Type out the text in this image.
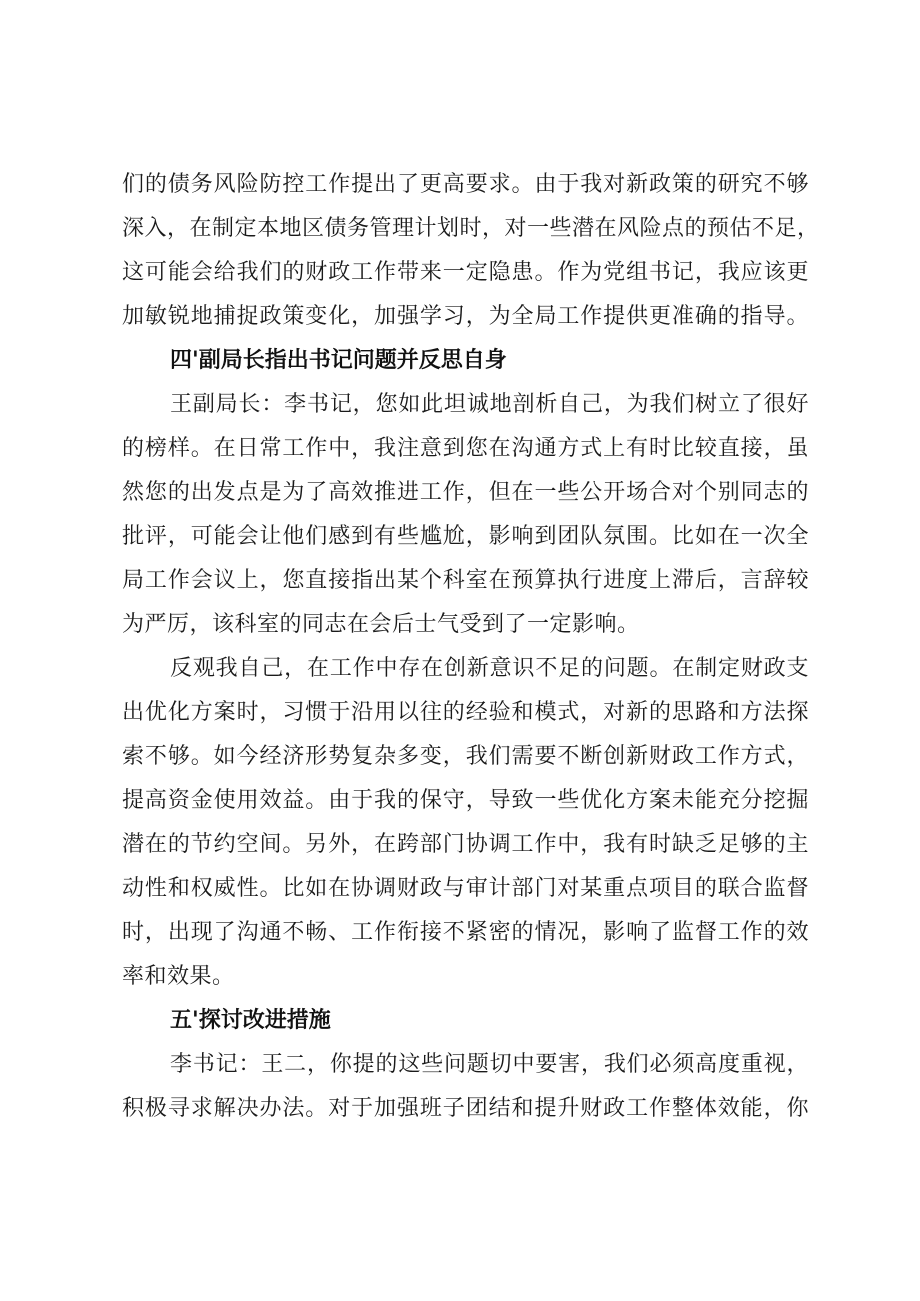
们的债务风险防控工作提出了更高要求。由于我对新政策的研究不够
深入，在制定本地区债务管理计划时，对一些潜在风险点的预估不足，
这可能会给我们的财政工作带来一定隐患。作为党组书记，我应该更
加敏锐地捕捉政策变化，加强学习，为全局工作提供更准确的指导。
四'副局长指出书记问题并反思自身
王副局长：李书记，您如此坦诚地剖析自己，为我们树立了很好
的榜样。在日常工作中，我注意到您在沟通方式上有时比较直接，虽
然您的出发点是为了高效推进工作，但在一些公开场合对个别同志的
批评，可能会让他们感到有些尴尬，影响到团队氛围。比如在一次全
局工作会议上，您直接指出某个科室在预算执行进度上滞后，言辞较
为严厉，该科室的同志在会后士气受到了一定影响。
反观我自己，在工作中存在创新意识不足的问题。在制定财政支
出优化方案时，习惯于沿用以往的经验和模式，对新的思路和方法探
索不够。如今经济形势复杂多变，我们需要不断创新财政工作方式，
提高资金使用效益。由于我的保守，导致一些优化方案未能充分挖掘
潜在的节约空间。另外，在跨部门协调工作中，我有时缺乏足够的主
动性和权威性。比如在协调财政与审计部门对某重点项目的联合监督
时，出现了沟通不畅、工作衔接不紧密的情况，影响了监督工作的效
率和效果。
五'探讨改进措施
李书记：王二，你提的这些问题切中要害，我们必须高度重视，
积极寻求解决办法。对于加强班子团结和提升财政工作整体效能，你
